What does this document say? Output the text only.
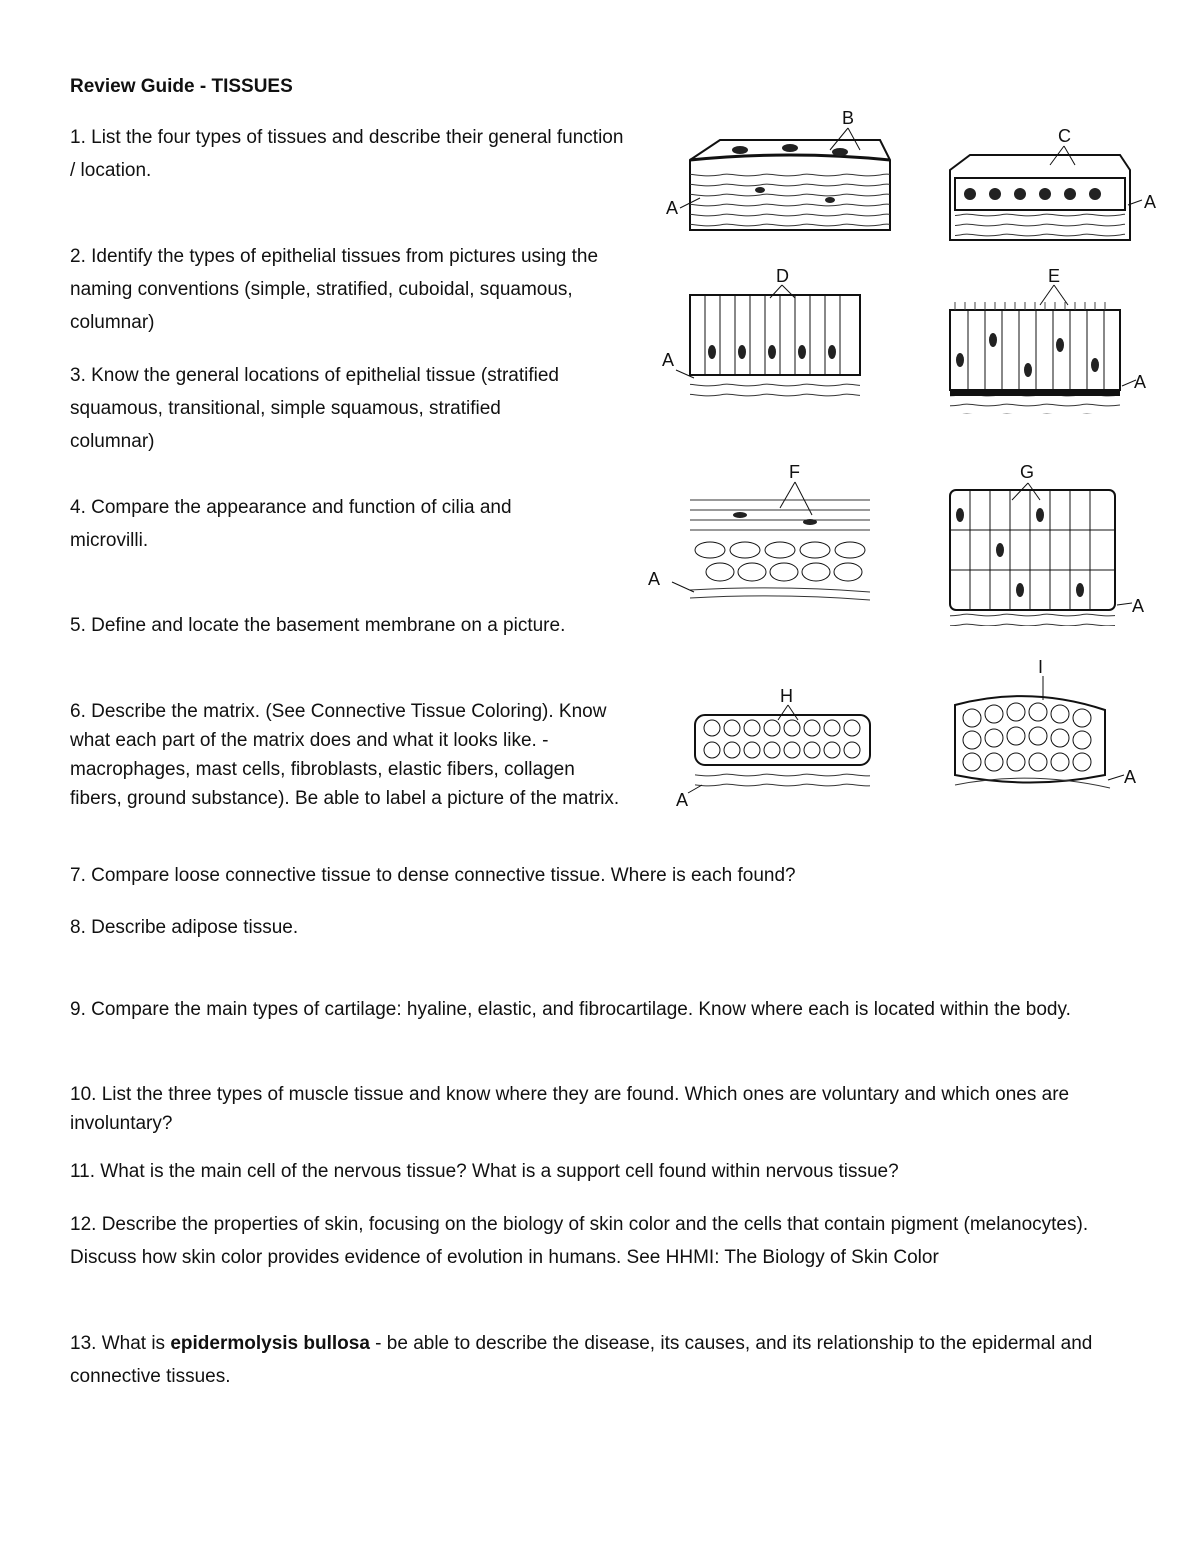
Review Guide - TISSUES

1. List the four types of tissues and describe their general function / location.

2. Identify the types of epithelial tissues from pictures using the naming conventions (simple, stratified, cuboidal, squamous, columnar)

3. Know the general locations of epithelial tissue (stratified squamous, transitional, simple squamous, stratified columnar)

4. Compare the appearance and function of cilia and microvilli.

5. Define and locate the basement membrane on a picture.

6. Describe the matrix. (See Connective Tissue Coloring). Know what each part of the matrix does and what it looks like. - macrophages, mast cells, fibroblasts, elastic fibers, collagen fibers, ground substance). Be able to label a picture of the matrix.

7. Compare loose connective tissue to dense connective tissue. Where is each found?

8. Describe adipose tissue.

9. Compare the main types of cartilage: hyaline, elastic, and fibrocartilage. Know where each is located within the body.

10. List the three types of muscle tissue and know where they are found. Which ones are voluntary and which ones are involuntary?

11. What is the main cell of the nervous tissue? What is a support cell found within nervous tissue?

12. Describe the properties of skin, focusing on the biology of skin color and the cells that contain pigment (melanocytes). Discuss how skin color provides evidence of evolution in humans. See HHMI: The Biology of Skin Color

13. What is epidermolysis bullosa - be able to describe the disease, its causes, and its relationship to the epidermal and connective tissues.

B
A
C
A
D
A
E
A
F
A
G
A
H
A
I
A
